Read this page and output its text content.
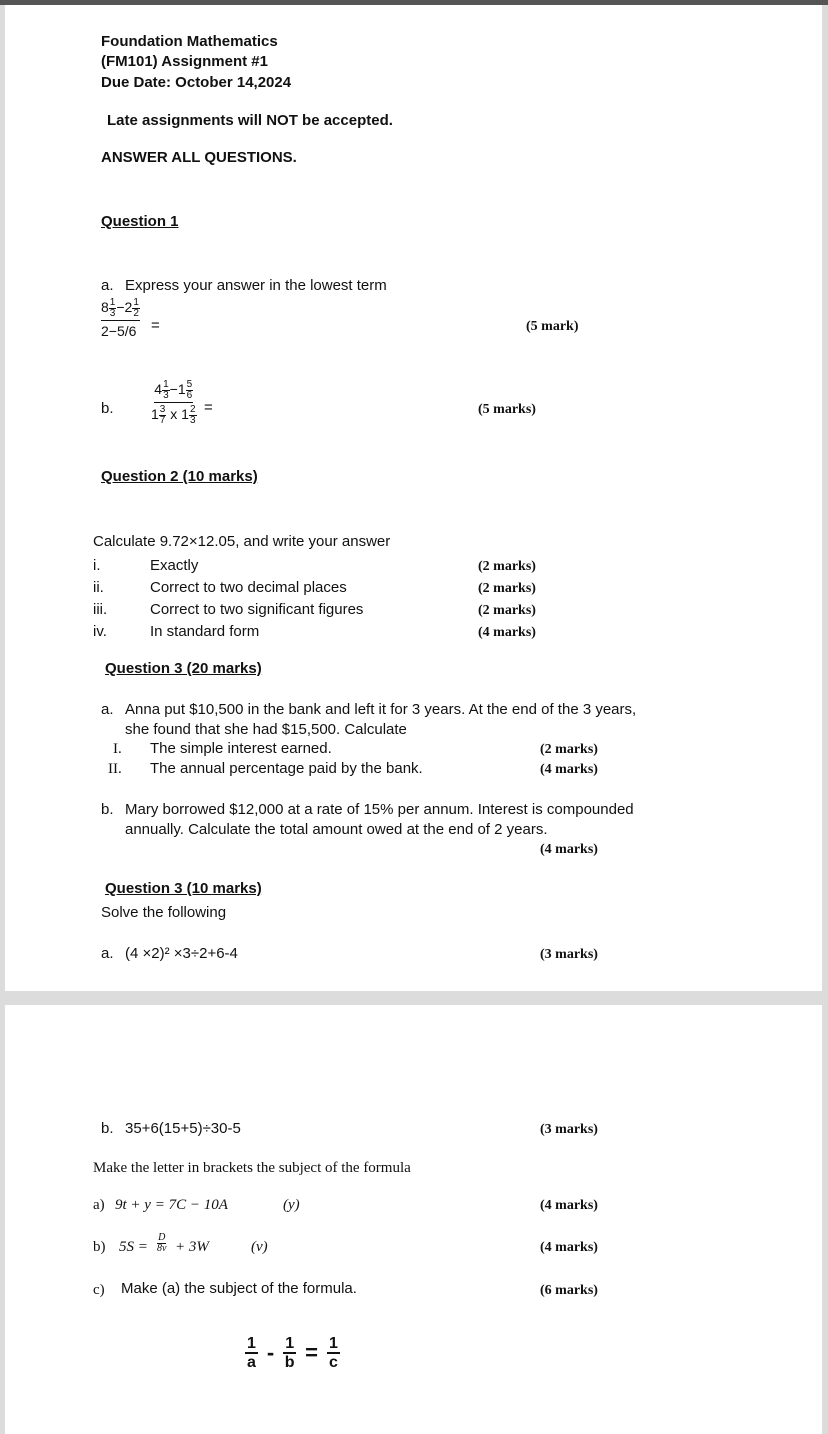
Foundation Mathematics
(FM101) Assignment #1
Due Date: October 14,2024
Late assignments will NOT be accepted.
ANSWER ALL QUESTIONS.
Question 1
a. Express your answer in the lowest term
$\frac{8 \frac{1}{3} -2 \frac{1}{2}}{2-5/6}$ =	(5 mark)
b.	$\frac{4 \frac{1}{3} -1 \frac{5}{6}}{1 \frac{3}{7} x 1 \frac{2}{3}}$ =	(5 marks)
Question 2 (10 marks)
Calculate 9.72×12.05, and write your answer
i.	Exactly	(2 marks)
ii.	Correct to two decimal places	(2 marks)
iii.	Correct to two significant figures	(2 marks)
iv.	In standard form	(4 marks)
Question 3 (20 marks)
a. Anna put $10,500 in the bank and left it for 3 years. At the end of the 3 years,
she found that she had $15,500. Calculate
I. The simple interest earned.	(2 marks)
II. The annual percentage paid by the bank.	(4 marks)
b. Mary borrowed $12,000 at a rate of 15% per annum. Interest is compounded
annually. Calculate the total amount owed at the end of 2 years.
(4 marks)
Question 3 (10 marks)
Solve the following
a. (4 ×2)² ×3÷2+6-4	(3 marks)
b. 35+6(15+5)÷30-5	(3 marks)
Make the letter in brackets the subject of the formula
a) 9t + y = 7C − 10A	(y)	(4 marks)
b) $5S = \frac{D}{8v} + 3W$	(v)	(4 marks)
c) Make (a) the subject of the formula.	(6 marks)
1
$a - \frac{1}{b} = \frac{1}{c}$
